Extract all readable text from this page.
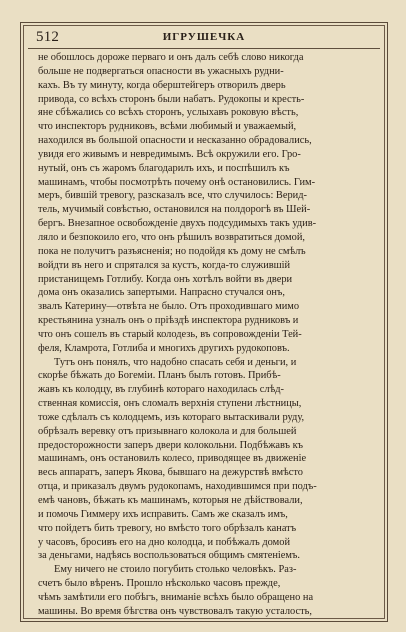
512	ИГРУШЕЧКА
не обошлось дороже перваго и онъ далъ себѣ слово никогда
больше не подвергаться опасности въ ужасныхъ рудни-
кахъ. Въ ту минуту, когда оберштейгеръ отворилъ дверь
привода, со всѣхъ сторонъ были набатъ. Рудокопы и кресть-
яне сбѣжались со всѣхъ сторонъ, услыхавъ роковую вѣсть,
что инспекторъ рудниковъ, всѣми любимый и уважаемый,
находился въ большой опасности и несказанно обрадовались,
увидя его живымъ и невредимымъ. Всѣ окружили его. Гро-
нутый, онъ съ жаромъ благодарилъ ихъ, и поспѣшилъ къ
машинамъ, чтобы посмотрѣть почему онѣ остановились. Гим-
меръ, бившій тревогу, разсказалъ все, что случилось: Верид-
тель, мучимый совѣстью, остановился на полдорогѣ въ Шей-
бергъ. Внезапное освобожденіе двухъ подсудимыхъ такъ удив-
ляло и безпокоило его, что онъ рѣшилъ возвратиться домой,
пока не получитъ разъясненія; но подойдя къ дому не смѣлъ
войдти въ него и спрятался за кустъ, когда-то служившій
пристанищемъ Готлибу. Когда онъ хотѣлъ войти въ двери
дома онъ оказались запертыми. Напрасно стучался онъ,
звалъ Катерину—отвѣта не было. Отъ проходившаго мимо
крестьянина узналъ онъ о пріѣздѣ инспектора рудниковъ и
что онъ сошелъ въ старый колодезь, въ сопровожденіи Тей-
феля, Кламрота, Готлиба и многихъ другихъ рудокоповъ.
Тутъ онъ понялъ, что надобно спасать себя и деньги, и
скорѣе бѣжать до Богеміи. Планъ былъ готовъ. Прибѣ-
жавъ къ колодцу, въ глубинѣ котораго находилась слѣд-
ственная комиссія, онъ сломалъ верхнія ступени лѣстницы,
тоже сдѣлалъ съ колодцемъ, изъ котораго вытаскивали руду,
обрѣзалъ веревку отъ призывнаго колокола и для большей
предосторожности заперъ двери колокольни. Подбѣжавъ къ
машинамъ, онъ остановилъ колесо, приводящее въ движеніе
весь аппаратъ, заперъ Якова, бывшаго на дежурствѣ вмѣсто
отца, и приказалъ двумъ рудокопамъ, находившимся при подъ-
емѣ чановъ, бѣжать къ машинамъ, которыя не дѣйствовали,
и помочь Гиммеру ихъ исправить. Самъ же сказалъ имъ,
что пойдетъ бить тревогу, но вмѣсто того обрѣзалъ канатъ
у часовъ, бросивъ его на дно колодца, и побѣжалъ домой
за деньгами, надѣясь воспользоваться общимъ смятеніемъ.
Ему ничего не стоило погубить столько человѣкъ. Раз-
счетъ было вѣренъ. Прошло нѣсколько часовъ прежде,
чѣмъ замѣтили его побѣгъ, вниманіе всѣхъ было обращено на
машины. Во время бѣгства онъ чувствовалъ такую усталость,
